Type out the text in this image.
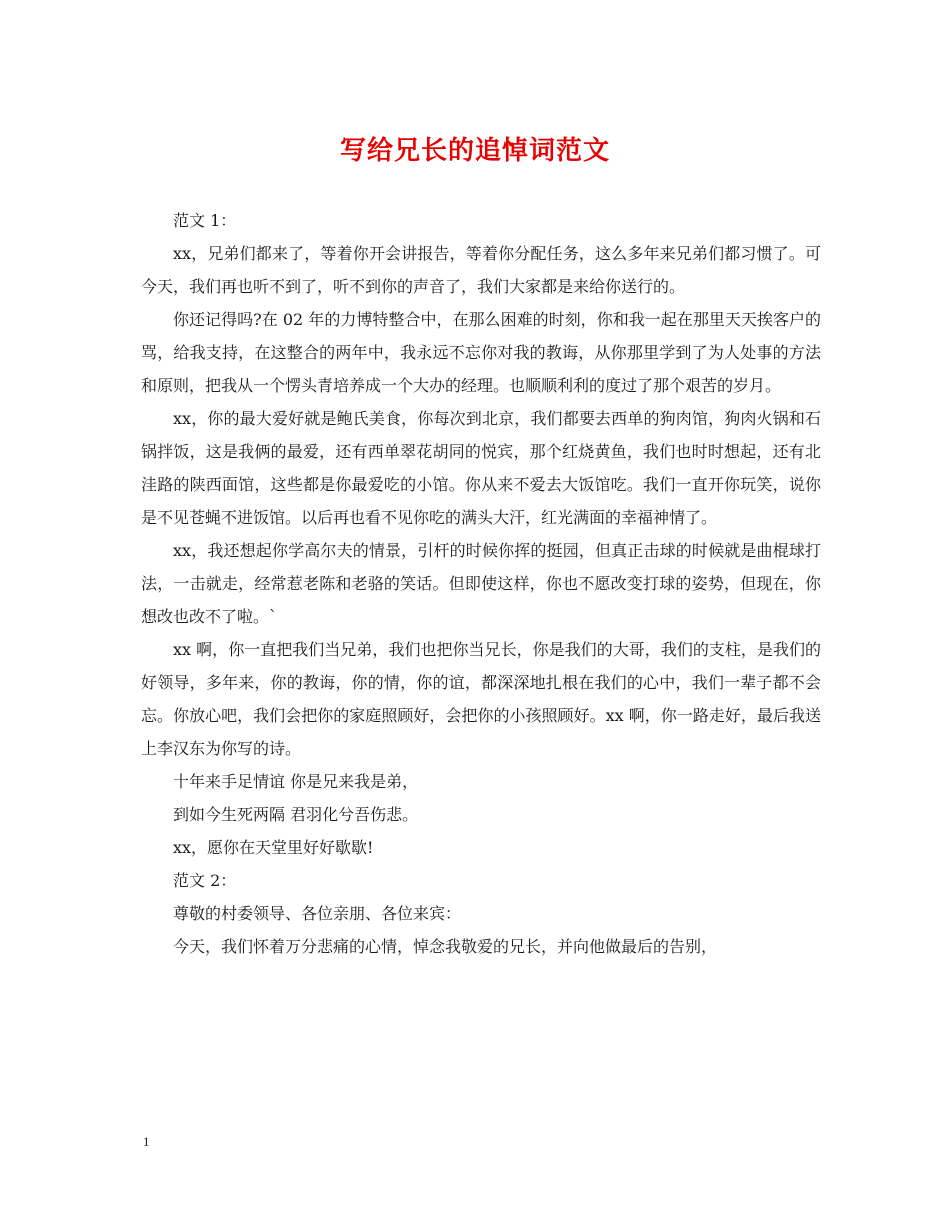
写给兄长的追悼词范文

范文 1：

xx，兄弟们都来了，等着你开会讲报告，等着你分配任务，这么多年来兄弟们都习惯了。可今天，我们再也听不到了，听不到你的声音了，我们大家都是来给你送行的。

你还记得吗?在 02 年的力博特整合中，在那么困难的时刻，你和我一起在那里天天挨客户的骂，给我支持，在这整合的两年中，我永远不忘你对我的教诲，从你那里学到了为人处事的方法和原则，把我从一个愣头青培养成一个大办的经理。也顺顺利利的度过了那个艰苦的岁月。

xx，你的最大爱好就是鲍氏美食，你每次到北京，我们都要去西单的狗肉馆，狗肉火锅和石锅拌饭，这是我俩的最爱，还有西单翠花胡同的悦宾，那个红烧黄鱼，我们也时时想起，还有北洼路的陕西面馆，这些都是你最爱吃的小馆。你从来不爱去大饭馆吃。我们一直开你玩笑，说你是不见苍蝇不进饭馆。以后再也看不见你吃的满头大汗，红光满面的幸福神情了。

xx，我还想起你学高尔夫的情景，引杆的时候你挥的挺园，但真正击球的时候就是曲棍球打法，一击就走，经常惹老陈和老骆的笑话。但即使这样，你也不愿改变打球的姿势，但现在，你想改也改不了啦。`

xx 啊，你一直把我们当兄弟，我们也把你当兄长，你是我们的大哥，我们的支柱，是我们的好领导，多年来，你的教诲，你的情，你的谊，都深深地扎根在我们的心中，我们一辈子都不会忘。你放心吧，我们会把你的家庭照顾好，会把你的小孩照顾好。xx 啊，你一路走好，最后我送上李汉东为你写的诗。

十年来手足情谊 你是兄来我是弟，

到如今生死两隔 君羽化兮吾伤悲。

xx，愿你在天堂里好好歇歇!

范文 2：

尊敬的村委领导、各位亲朋、各位来宾：

今天，我们怀着万分悲痛的心情，悼念我敬爱的兄长，并向他做最后的告别，

1
